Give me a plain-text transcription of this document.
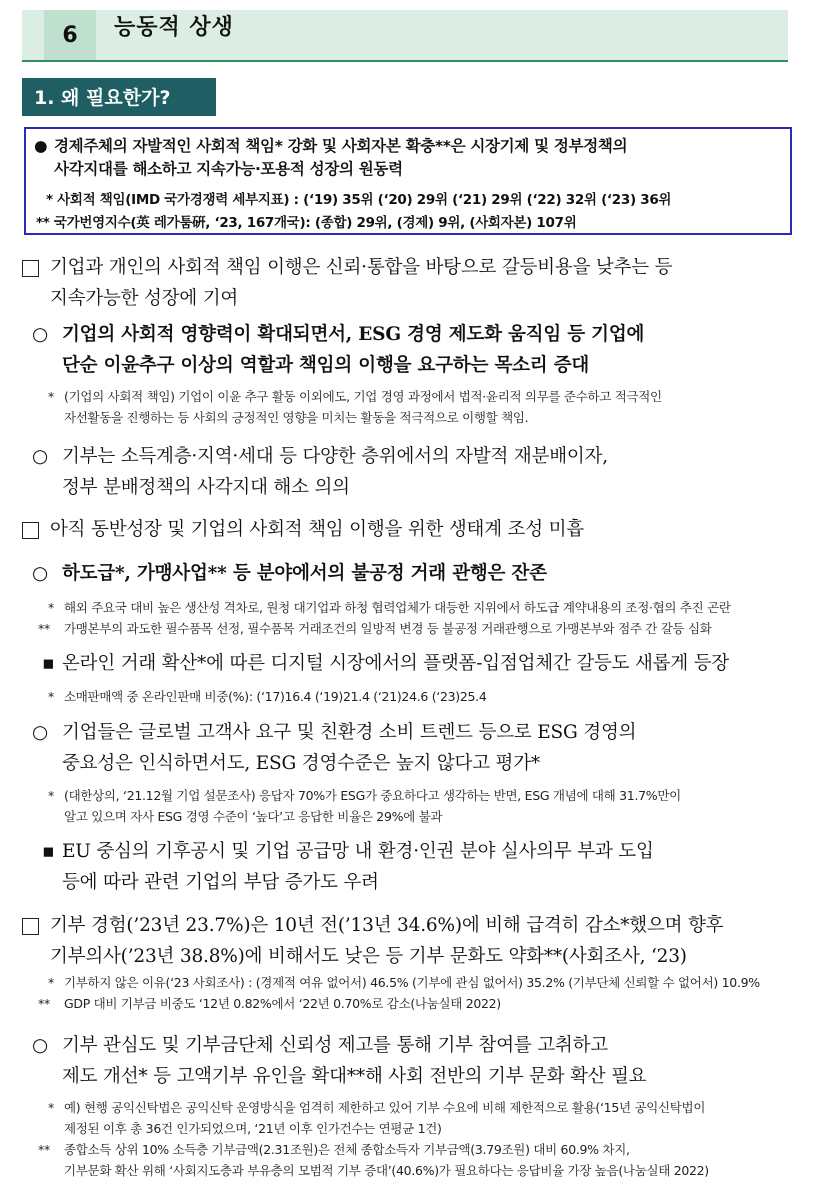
6	능동적 상생
1. 왜 필요한가?
● 경제주체의 자발적인 사회적 책임* 강화 및 사회자본 확충**은 시장기제 및 정부정책의
사각지대를 해소하고 지속가능·포용적 성장의 원동력
* 사회적 책임(IMD 국가경쟁력 세부지표) : (‘19) 35위 (‘20) 29위 (‘21) 29위 (‘22) 32위 (‘23) 36위
** 국가번영지수(英 레가툼硏, ‘23, 167개국): (종합) 29위, (경제) 9위, (사회자본) 107위
기업과 개인의 사회적 책임 이행은 신뢰·통합을 바탕으로 갈등비용을 낮추는 등
지속가능한 성장에 기여
○ 기업의 사회적 영향력이 확대되면서, ESG 경영 제도화 움직임 등 기업에
단순 이윤추구 이상의 역할과 책임의 이행을 요구하는 목소리 증대
* (기업의 사회적 책임) 기업이 이윤 추구 활동 이외에도, 기업 경영 과정에서 법적·윤리적 의무를 준수하고 적극적인
자선활동을 진행하는 등 사회의 긍정적인 영향을 미치는 활동을 적극적으로 이행할 책임.
○ 기부는 소득계층·지역·세대 등 다양한 층위에서의 자발적 재분배이자,
정부 분배정책의 사각지대 해소 의의
아직 동반성장 및 기업의 사회적 책임 이행을 위한 생태계 조성 미흡
○ 하도급*, 가맹사업** 등 분야에서의 불공정 거래 관행은 잔존
* 해외 주요국 대비 높은 생산성 격차로, 원청 대기업과 하청 협력업체가 대등한 지위에서 하도급 계약내용의 조정·협의 추진 곤란
**	가맹본부의 과도한 필수품목 선정, 필수품목 거래조건의 일방적 변경 등 불공정 거래관행으로 가맹본부와 점주 간 갈등 심화
▪ 온라인 거래 확산*에 따른 디지털 시장에서의 플랫폼-입점업체간 갈등도 새롭게 등장
* 소매판매액 중 온라인판매 비중(%): (‘17)16.4 (‘19)21.4 (‘21)24.6 (‘23)25.4
○ 기업들은 글로벌 고객사 요구 및 친환경 소비 트렌드 등으로 ESG 경영의
중요성은 인식하면서도, ESG 경영수준은 높지 않다고 평가*
* (대한상의, ‘21.12월 기업 설문조사) 응답자 70%가 ESG가 중요하다고 생각하는 반면, ESG 개념에 대해 31.7%만이
알고 있으며 자사 ESG 경영 수준이 ‘높다’고 응답한 비율은 29%에 불과
▪ EU 중심의 기후공시 및 기업 공급망 내 환경·인권 분야 실사의무 부과 도입
등에 따라 관련 기업의 부담 증가도 우려
기부 경험(’23년 23.7%)은 10년 전(’13년 34.6%)에 비해 급격히 감소*했으며 향후
기부의사(’23년 38.8%)에 비해서도 낮은 등 기부 문화도 약화**(사회조사, ‘23)
* 기부하지 않은 이유(‘23 사회조사) : (경제적 여유 없어서) 46.5% (기부에 관심 없어서) 35.2% (기부단체 신뢰할 수 없어서) 10.9%
**	GDP 대비 기부금 비중도 ‘12년 0.82%에서 ‘22년 0.70%로 감소(나눔실태 2022)
○ 기부 관심도 및 기부금단체 신뢰성 제고를 통해 기부 참여를 고취하고
제도 개선* 등 고액기부 유인을 확대**해 사회 전반의 기부 문화 확산 필요
* 예) 현행 공익신탁법은 공익신탁 운영방식을 엄격히 제한하고 있어 기부 수요에 비해 제한적으로 활용(‘15년 공익신탁법이
제정된 이후 총 36건 인가되었으며, ‘21년 이후 인가건수는 연평균 1건)
**	종합소득 상위 10% 소득층 기부금액(2.31조원)은 전체 종합소득자 기부금액(3.79조원) 대비 60.9% 차지,
기부문화 확산 위해 ‘사회지도층과 부유층의 모범적 기부 증대’(40.6%)가 필요하다는 응답비율 가장 높음(나눔실태 2022)
